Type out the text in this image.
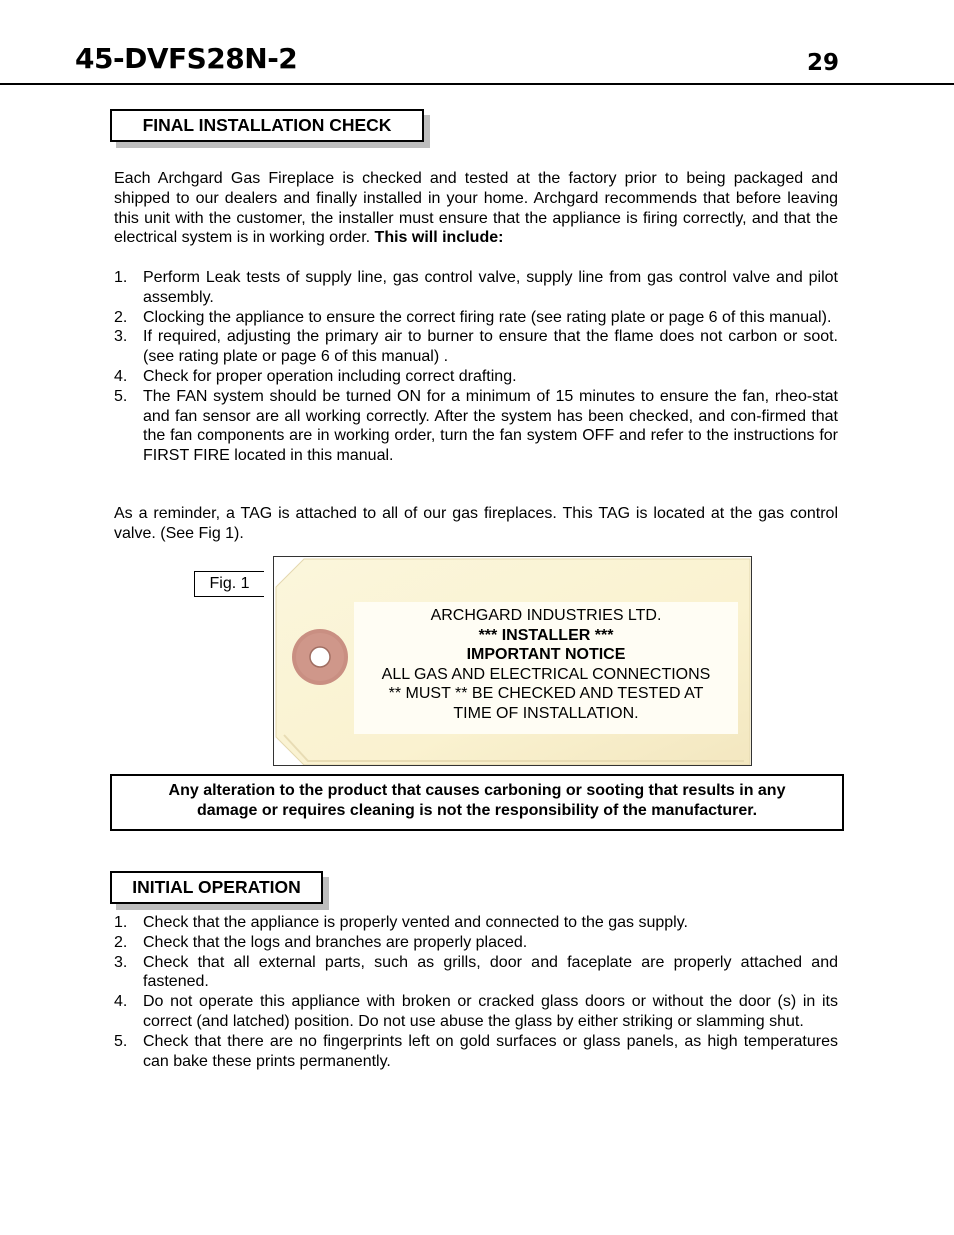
45-DVFS28N-2	29
FINAL INSTALLATION CHECK
Each Archgard Gas Fireplace is checked and tested at the factory prior to being packaged and shipped to our dealers and finally installed in your home. Archgard recommends that before leaving this unit with the customer, the installer must ensure that the appliance is firing correctly, and that the electrical system is in working order. This will include:
1. Perform Leak tests of supply line, gas control valve, supply line from gas control valve and pilot assembly.
2. Clocking the appliance to ensure the correct firing rate (see rating plate or page 6 of this manual).
3. If required, adjusting the primary air to burner to ensure that the flame does not carbon or soot. (see rating plate or page 6 of this manual) .
4. Check for proper operation including correct drafting.
5. The FAN system should be turned ON for a minimum of 15 minutes to ensure the fan, rheo-stat and fan sensor are all working correctly. After the system has been checked, and con-firmed that the fan components are in working order, turn the fan system OFF and refer to the instructions for FIRST FIRE located in this manual.
As a reminder, a TAG is attached to all of our gas fireplaces. This TAG is located at the gas control valve. (See Fig 1).
Fig. 1
ARCHGARD INDUSTRIES LTD.
*** INSTALLER ***
IMPORTANT NOTICE
ALL GAS AND ELECTRICAL CONNECTIONS
** MUST ** BE CHECKED AND TESTED AT
TIME OF INSTALLATION.
Any alteration to the product that causes carboning or sooting that results in any
damage or requires cleaning is not the responsibility of the manufacturer.
INITIAL OPERATION
1. Check that the appliance is properly vented and connected to the gas supply.
2. Check that the logs and branches are properly placed.
3. Check that all external parts, such as grills, door and faceplate are properly attached and fastened.
4. Do not operate this appliance with broken or cracked glass doors or without the door (s) in its correct (and latched) position. Do not use abuse the glass by either striking or slamming shut.
5. Check that there are no fingerprints left on gold surfaces or glass panels, as high temperatures can bake these prints permanently.
